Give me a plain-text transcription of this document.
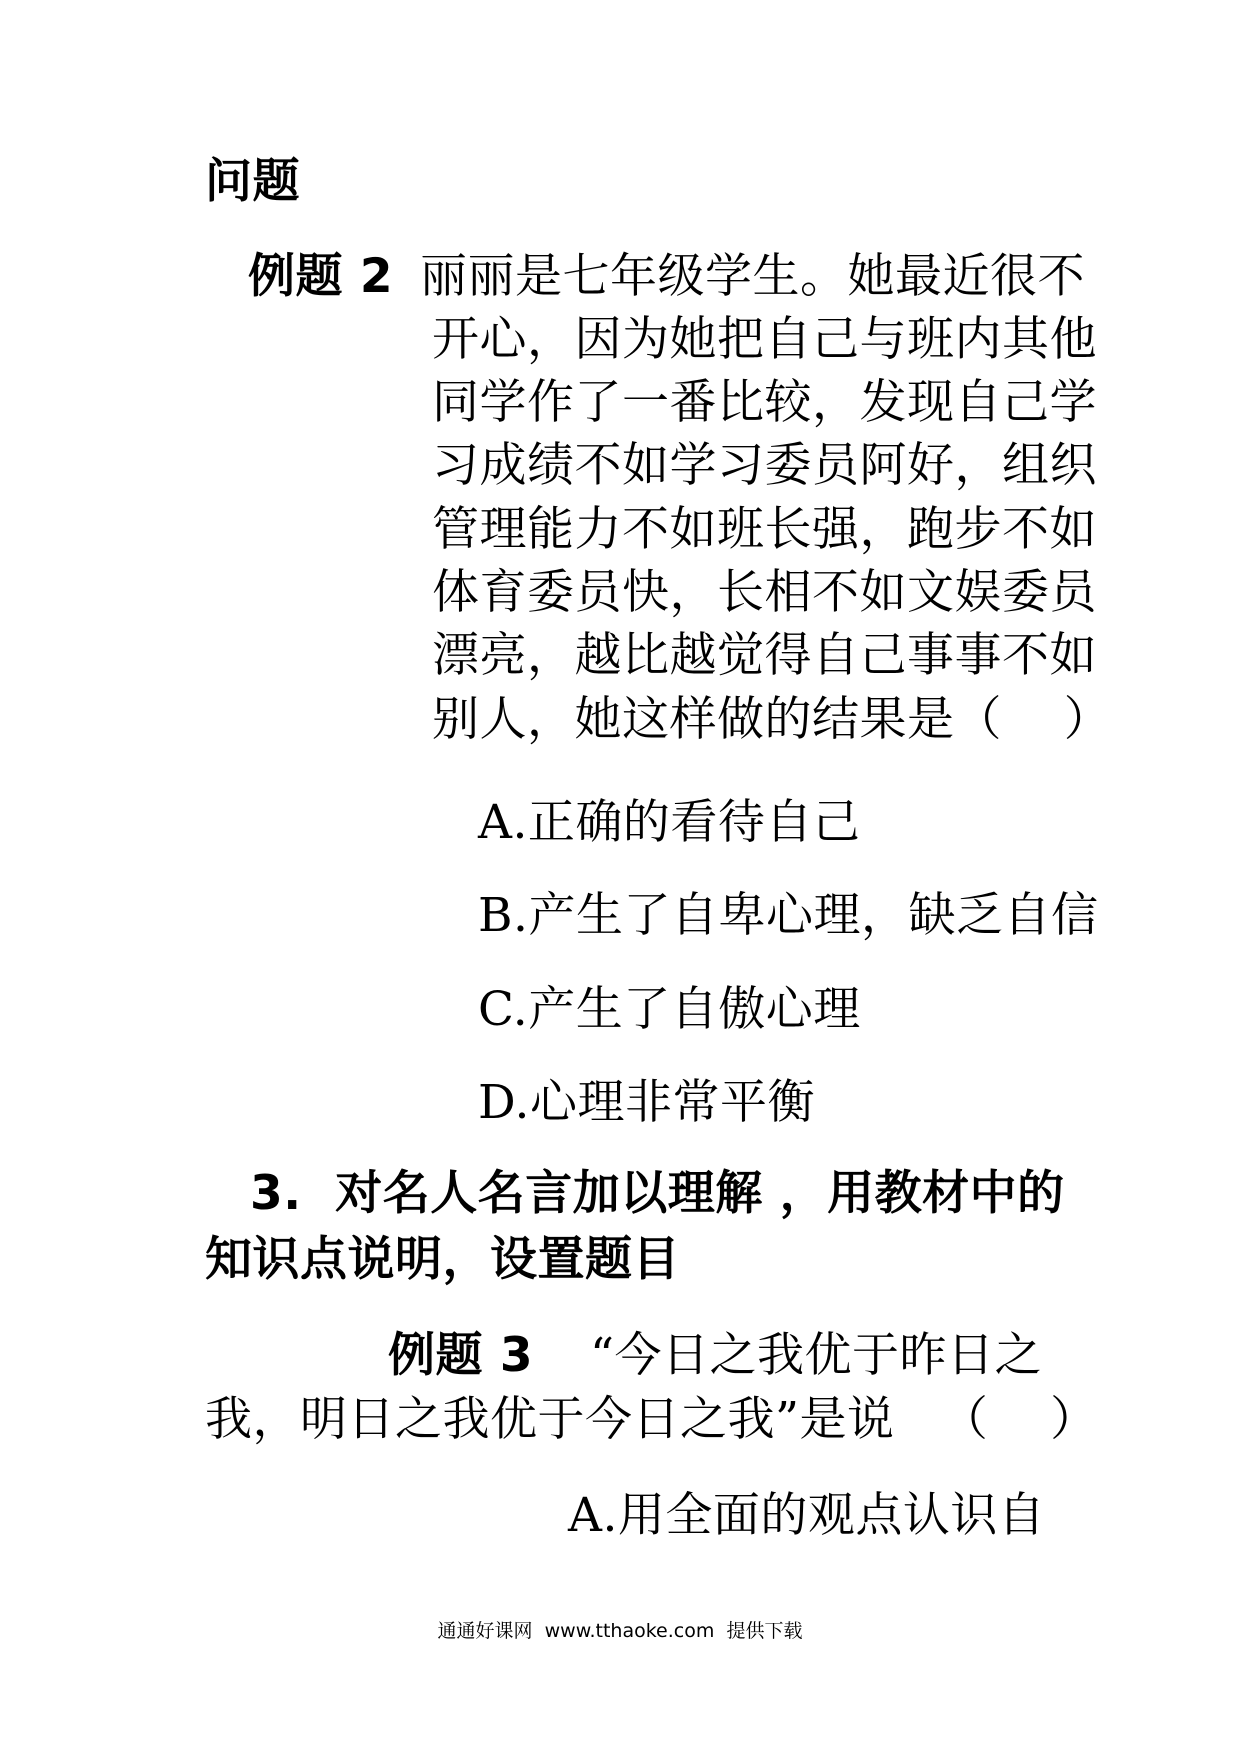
问题
例题 2 丽丽是七年级学生。她最近很不
开心，因为她把自己与班内其他
同学作了一番比较，发现自己学
习成绩不如学习委员阿好，组织
管理能力不如班长强，跑步不如
体育委员快，长相不如文娱委员
漂亮，越比越觉得自己事事不如
别人，她这样做的结果是（    ）
A.正确的看待自己
B.产生了自卑心理，缺乏自信
C.产生了自傲心理
D.心理非常平衡
3.  对名人名言加以理解 ，用教材中的
知识点说明，设置题目
例题 3 “今日之我优于昨日之
我，明日之我优于今日之我”是说   （    ）
A.用全面的观点认识自
通通好课网  www.tthaoke.com  提供下载
